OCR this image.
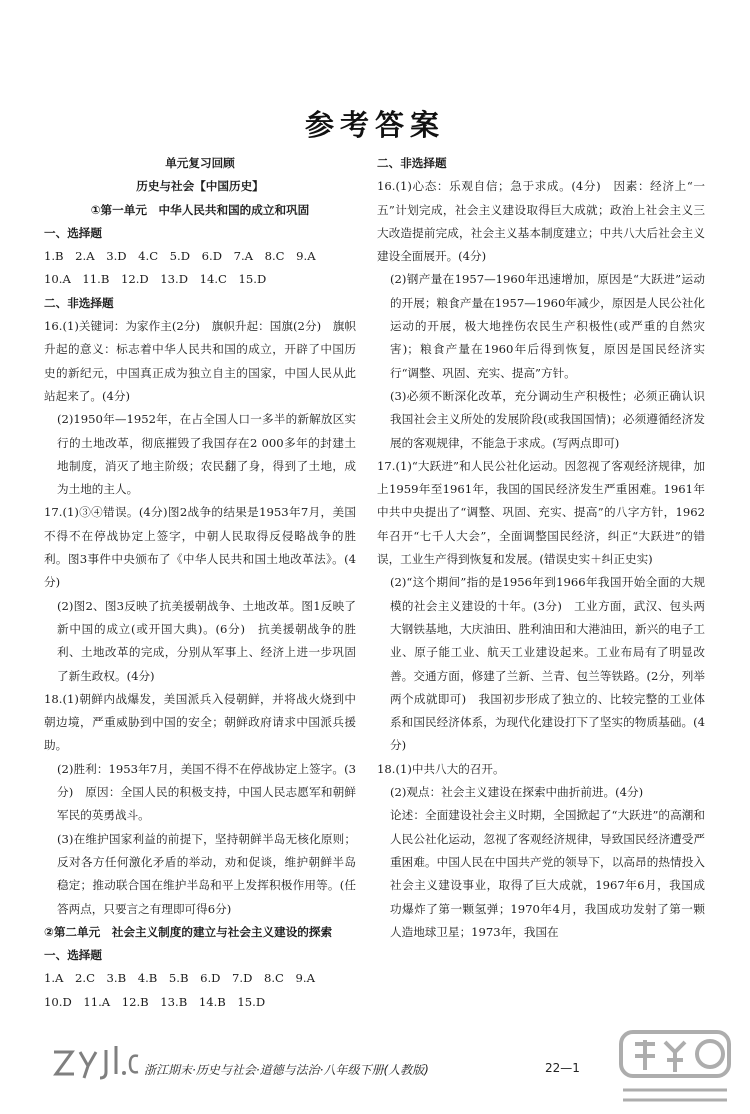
参考答案

单元复习回顾

历史与社会【中国历史】

①第一单元　中华人民共和国的成立和巩固

一、选择题

1.B　2.A　3.D　4.C　5.D　6.D　7.A　8.C　9.A

10.A　11.B　12.D　13.D　14.C　15.D

二、非选择题

16.(1)关键词：为家作主(2分)　旗帜升起：国旗(2分)　旗帜升起的意义：标志着中华人民共和国的成立，开辟了中国历史的新纪元，中国真正成为独立自主的国家，中国人民从此站起来了。(4分)

(2)1950年—1952年，在占全国人口一多半的新解放区实行的土地改革，彻底摧毁了我国存在2 000多年的封建土地制度，消灭了地主阶级；农民翻了身，得到了土地，成为土地的主人。

17.(1)③④错误。(4分)图2战争的结果是1953年7月，美国不得不在停战协定上签字，中朝人民取得反侵略战争的胜利。图3事件中央颁布了《中华人民共和国土地改革法》。(4分)

(2)图2、图3反映了抗美援朝战争、土地改革。图1反映了新中国的成立(或开国大典)。(6分)　抗美援朝战争的胜利、土地改革的完成，分别从军事上、经济上进一步巩固了新生政权。(4分)

18.(1)朝鲜内战爆发，美国派兵入侵朝鲜，并将战火烧到中朝边境，严重威胁到中国的安全；朝鲜政府请求中国派兵援助。

(2)胜利：1953年7月，美国不得不在停战协定上签字。(3分)　原因：全国人民的积极支持，中国人民志愿军和朝鲜军民的英勇战斗。

(3)在维护国家利益的前提下，坚持朝鲜半岛无核化原则；反对各方任何激化矛盾的举动，劝和促谈，维护朝鲜半岛稳定；推动联合国在维护半岛和平上发挥积极作用等。(任答两点，只要言之有理即可得6分)

②第二单元　社会主义制度的建立与社会主义建设的探索

一、选择题

1.A　2.C　3.B　4.B　5.B　6.D　7.D　8.C　9.A

10.D　11.A　12.B　13.B　14.B　15.D

二、非选择题

16.(1)心态：乐观自信；急于求成。(4分)　因素：经济上“一五”计划完成，社会主义建设取得巨大成就；政治上社会主义三大改造提前完成，社会主义基本制度建立；中共八大后社会主义建设全面展开。(4分)

(2)钢产量在1957—1960年迅速增加，原因是“大跃进”运动的开展；粮食产量在1957—1960年减少，原因是人民公社化运动的开展，极大地挫伤农民生产积极性(或严重的自然灾害)；粮食产量在1960年后得到恢复，原因是国民经济实行“调整、巩固、充实、提高”方针。

(3)必须不断深化改革，充分调动生产积极性；必须正确认识我国社会主义所处的发展阶段(或我国国情)；必须遵循经济发展的客观规律，不能急于求成。(写两点即可)

17.(1)“大跃进”和人民公社化运动。因忽视了客观经济规律，加上1959年至1961年，我国的国民经济发生严重困难。1961年中共中央提出了“调整、巩固、充实、提高”的八字方针，1962年召开“七千人大会”，全面调整国民经济，纠正“大跃进”的错误，工业生产得到恢复和发展。(错误史实＋纠正史实)

(2)“这个期间”指的是1956年到1966年我国开始全面的大规模的社会主义建设的十年。(3分)　工业方面，武汉、包头两大钢铁基地，大庆油田、胜利油田和大港油田，新兴的电子工业、原子能工业、航天工业建设起来。工业布局有了明显改善。交通方面，修建了兰新、兰青、包兰等铁路。(2分，列举两个成就即可)　我国初步形成了独立的、比较完整的工业体系和国民经济体系，为现代化建设打下了坚实的物质基础。(4分)

18.(1)中共八大的召开。

(2)观点：社会主义建设在探索中曲折前进。(4分)

论述：全面建设社会主义时期，全国掀起了“大跃进”的高潮和人民公社化运动，忽视了客观经济规律，导致国民经济遭受严重困难。中国人民在中国共产党的领导下，以高昂的热情投入社会主义建设事业，取得了巨大成就，1967年6月，我国成功爆炸了第一颗氢弹；1970年4月，我国成功发射了第一颗人造地球卫星；1973年，我国在

浙江期末·历史与社会·道德与法治·八年级下册(人教版)	22—1
